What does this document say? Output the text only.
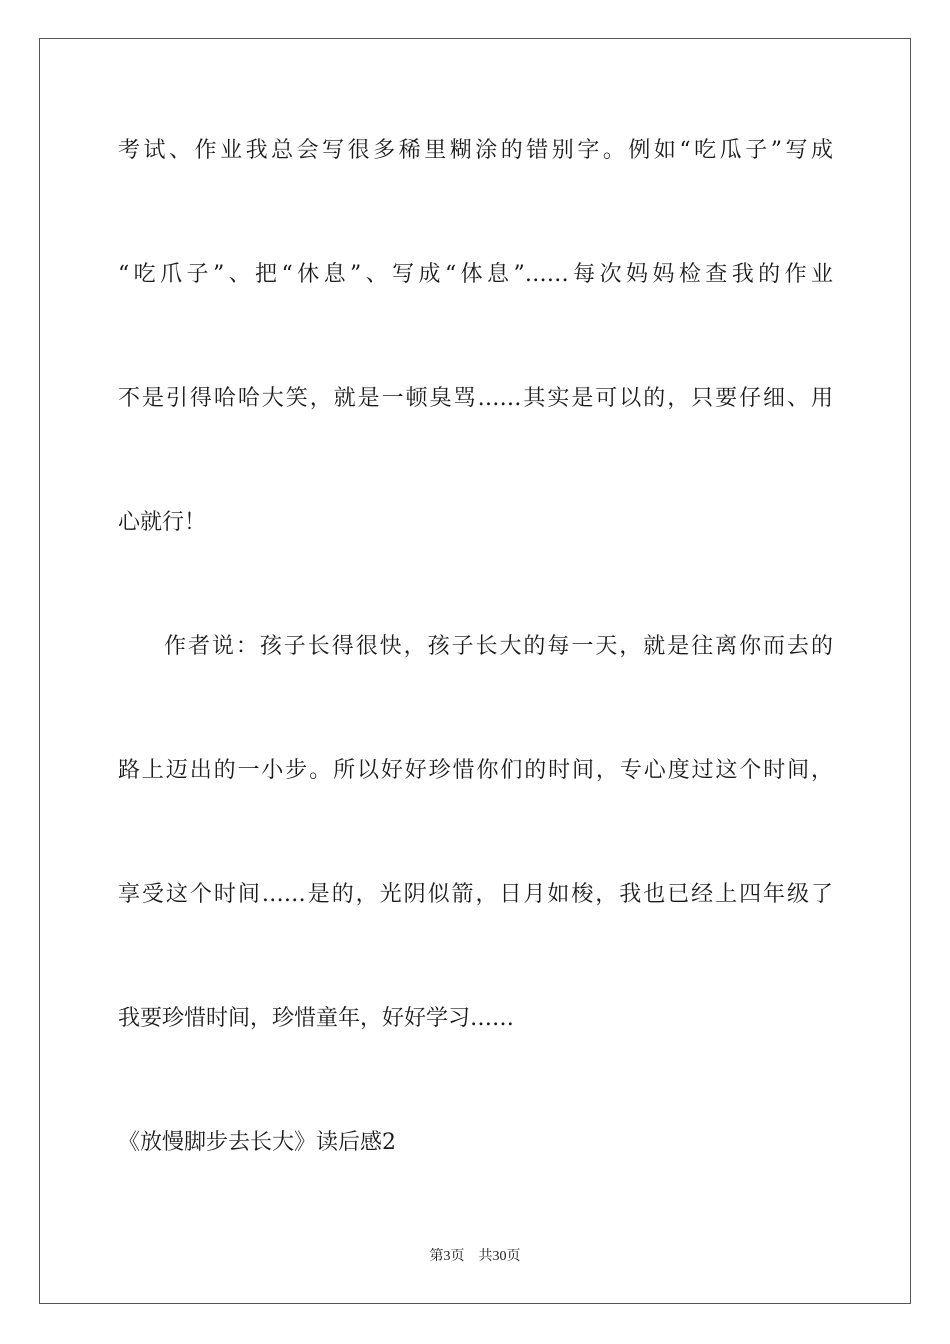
考试、作业我总会写很多稀里糊涂的错别字。例如“吃瓜子”写成
“吃爪子”、把“休息”、写成“体息”……每次妈妈检查我的作业
不是引得哈哈大笑，就是一顿臭骂……其实是可以的，只要仔细、用
心就行！
作者说：孩子长得很快，孩子长大的每一天，就是往离你而去的
路上迈出的一小步。所以好好珍惜你们的时间，专心度过这个时间，
享受这个时间……是的，光阴似箭，日月如梭，我也已经上四年级了
我要珍惜时间，珍惜童年，好好学习……
《放慢脚步去长大》读后感2
第3页 共30页
